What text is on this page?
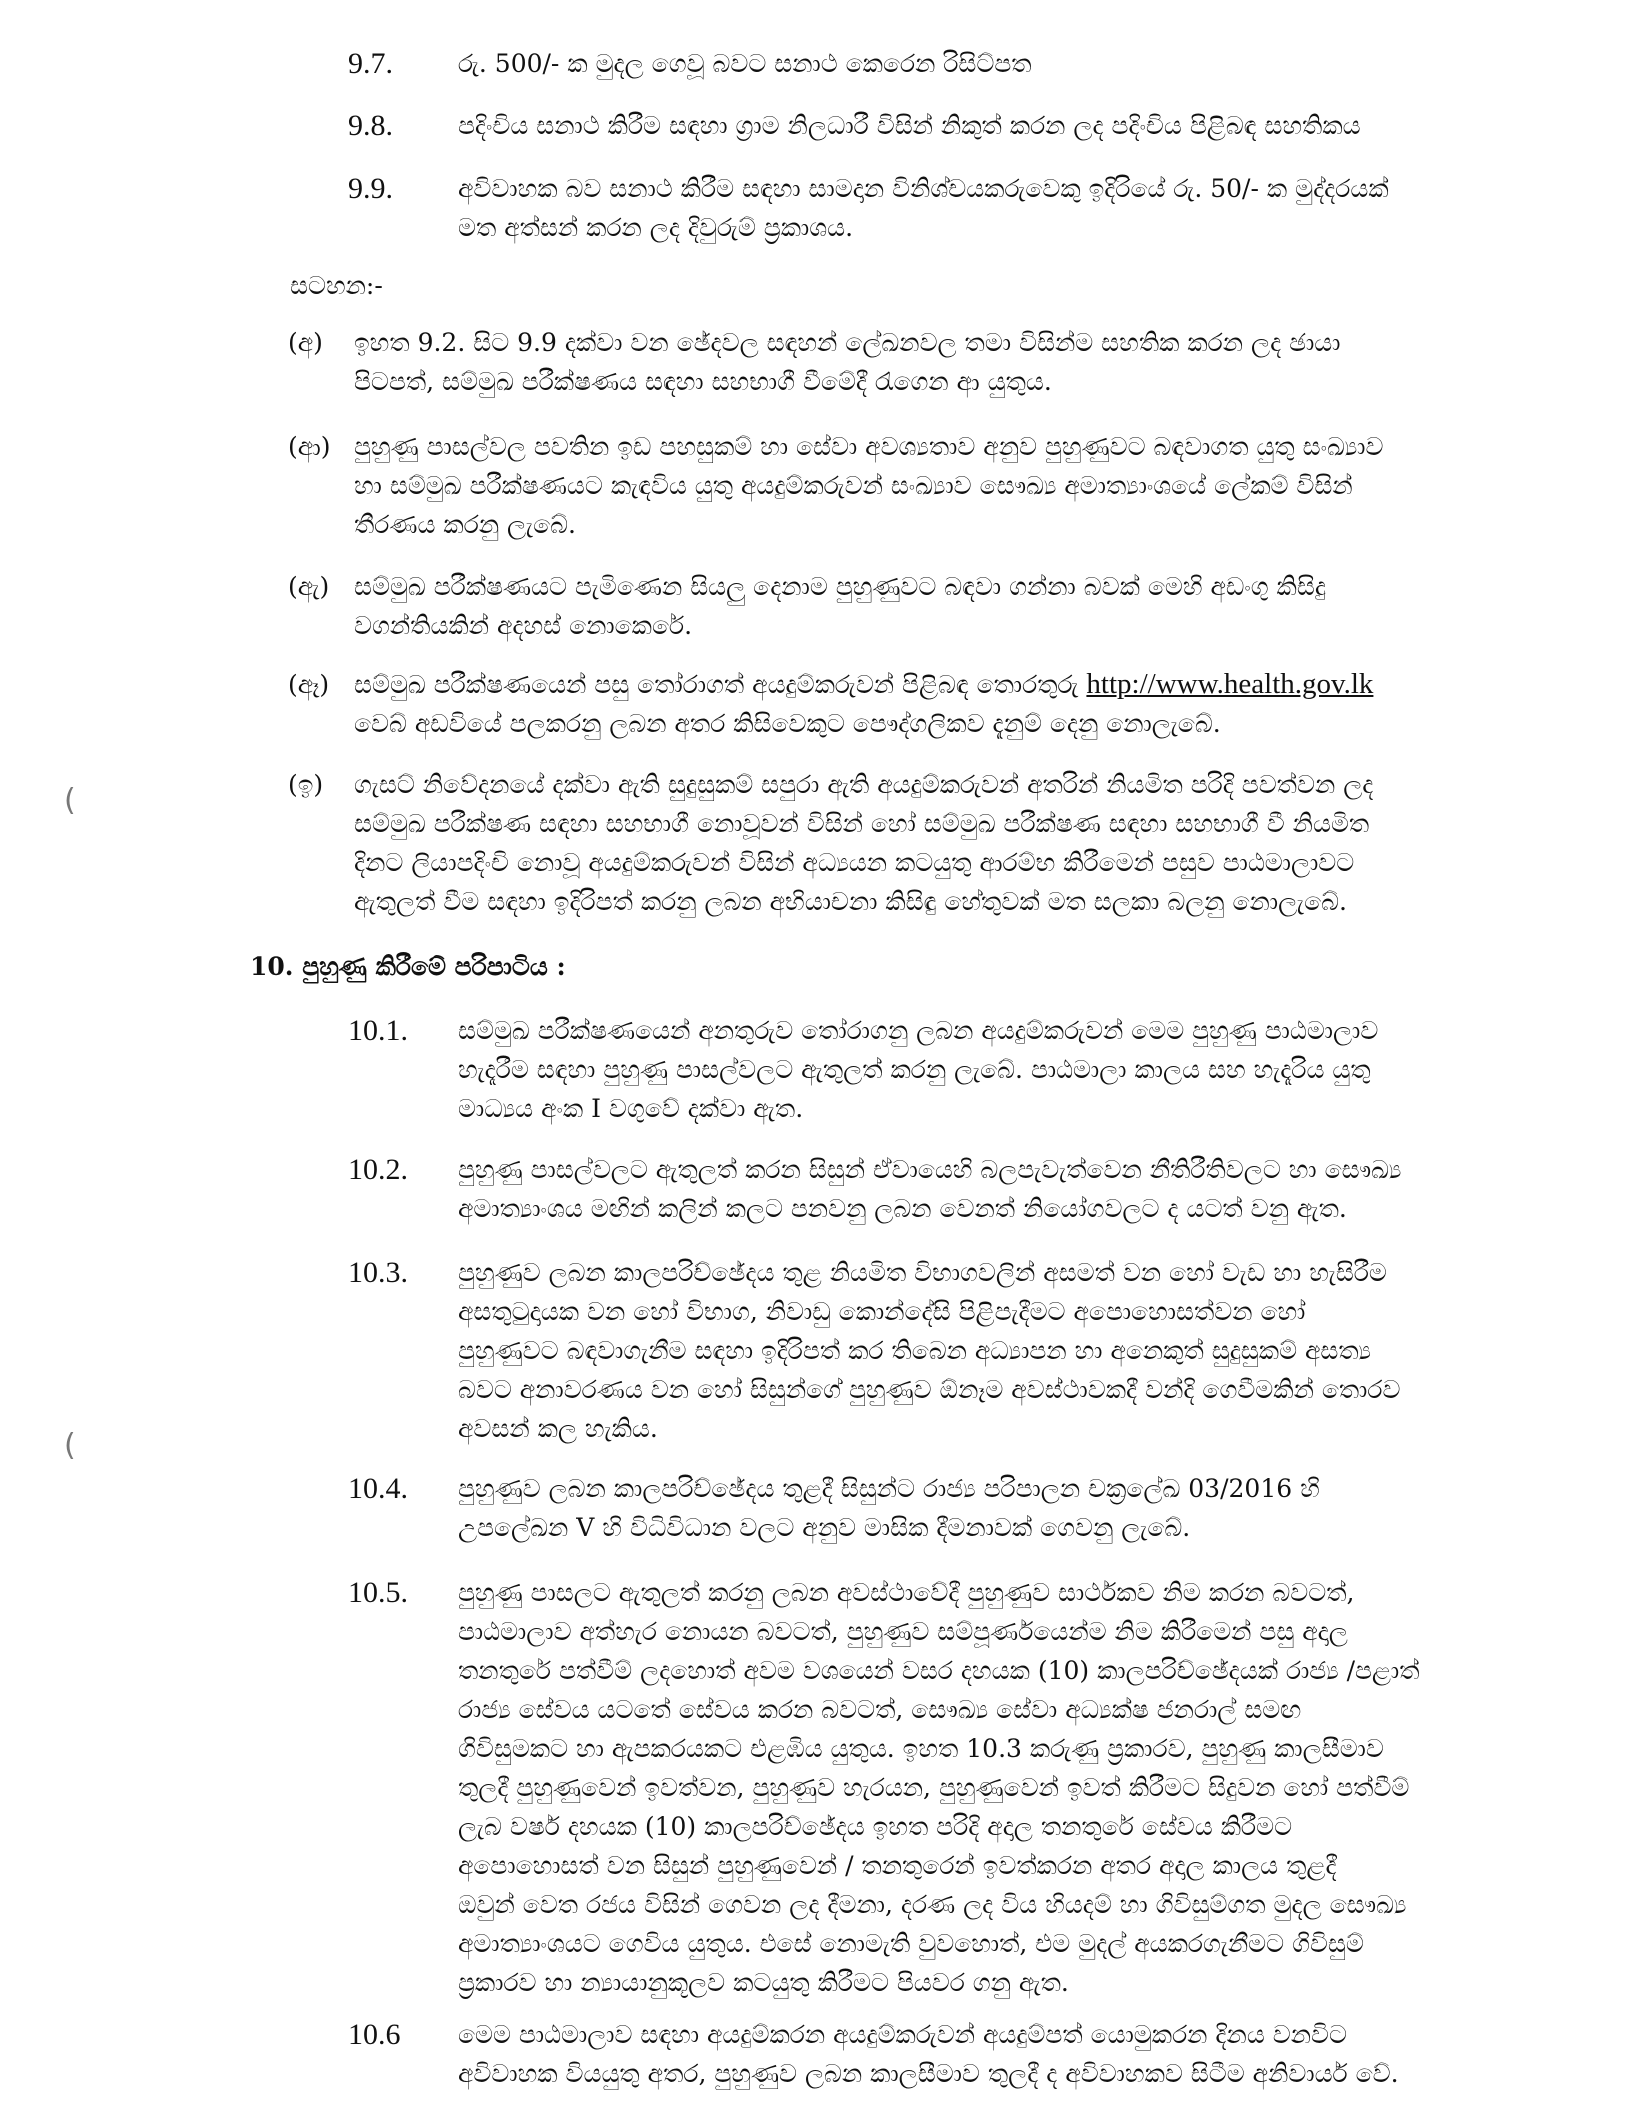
(
(
9.7.	රු. 500/- ක මුදල ගෙවූ බවට සනාථ කෙරෙන රිසිට්පත

9.8.	පදිංචිය සනාථ කිරීම සඳහා ග්‍රාම නිලධාරී විසින් නිකුත් කරන ලද පදිංචිය පිළිබඳ සහතිකය

9.9.	අවිවාහක බව සනාථ කිරීම සඳහා සාමදාන විනිශ්චයකරුවෙකු ඉදිරියේ රු. 50/- ක මුද්දරයක්

මත අත්සන් කරන ලද දිවුරුම් ප්‍රකාශය.

සටහන:-
(අ) ඉහත 9.2. සිට 9.9 දක්වා වන ඡේදවල සඳහන් ලේඛනවල තමා විසින්ම සහතික කරන ලද ඡායා

පිටපත්, සම්මුඛ පරීක්ෂණය සඳහා සහභාගී වීමේදී රැගෙන ආ යුතුය.

(ආ) පුහුණු පාසල්වල පවතින ඉඩ පහසුකම් හා සේවා අවශ්‍යතාව අනුව පුහුණුවට බඳවාගත යුතු සංඛ්‍යාව

හා සම්මුඛ පරීක්ෂණයට කැඳවිය යුතු අයදුම්කරුවන් සංඛ්‍යාව සෞඛ්‍ය අමාත්‍යාංශයේ ලේකම් විසින්

තීරණය කරනු ලැබේ.

(ඇ) සම්මුඛ පරීක්ෂණයට පැමිණෙන සියලු දෙනාම පුහුණුවට බඳවා ගන්නා බවක් මෙහි අඩංගු කිසිදු

වගන්තියකින් අදහස් නොකෙරේ.

(ඈ) සම්මුඛ පරීක්ෂණයෙන් පසු තෝරාගත් අයදුම්කරුවන් පිළිබඳ තොරතුරු http://www.health.gov.lk

වෙබ් අඩවියේ පලකරනු ලබන අතර කිසිවෙකුට පෞද්ගලිකව දැනුම් දෙනු නොලැබේ.

(ඉ) ගැසට් නිවේදනයේ දක්වා ඇති සුදුසුකම් සපුරා ඇති අයදුම්කරුවන් අතරින් නියමිත පරිදි පවත්වන ලද

සම්මුඛ පරීක්ෂණ සඳහා සහභාගී නොවූවන් විසින් හෝ සම්මුඛ පරීක්ෂණ සඳහා සහභාගී වී නියමිත

දිනට ලියාපදිංචි නොවූ අයදුම්කරුවන් විසින් අධ්‍යයන කටයුතු ආරම්භ කිරීමෙන් පසුව පාඨමාලාවට

ඇතුලත් වීම සඳහා ඉදිරිපත් කරනු ලබන අභියාචනා කිසිඳු හේතුවක් මත සලකා බලනු නොලැබේ.

10. පුහුණු කිරීමේ පරිපාටිය :
10.1. සම්මුඛ පරීක්ෂණයෙන් අනතුරුව තෝරාගනු ලබන අයදුම්කරුවන් මෙම පුහුණු පාඨමාලාව

හැදෑරීම සඳහා පුහුණු පාසල්වලට ඇතුලත් කරනු ලැබේ. පාඨමාලා කාලය සහ හැදෑරිය යුතු

මාධ්‍යය අංක I වගුවේ දක්වා ඇත.

10.2. පුහුණු පාසල්වලට ඇතුලත් කරන සිසුන් ඒවායෙහි බලපැවැත්වෙන නීතිරීතිවලට හා සෞඛ්‍ය

අමාත්‍යාංශය මඟින් කලින් කලට පනවනු ලබන වෙනත් නියෝගවලට ද යටත් වනු ඇත.

10.3. පුහුණුව ලබන කාලපරිච්ඡේදය තුළ නියමිත විභාගවලින් අසමත් වන හෝ වැඩ හා හැසිරීම

අසතුටුදායක වන හෝ විභාග, නිවාඩු කොන්දේසි පිළිපැදීමට අපොහොසත්වන හෝ

පුහුණුවට බඳවාගැනීම සඳහා ඉදිරිපත් කර තිබෙන අධ්‍යාපන හා අනෙකුත් සුදුසුකම් අසත්‍ය

බවට අනාවරණය වන හෝ සිසුන්ගේ පුහුණුව ඕනෑම අවස්ථාවකදී වන්දි ගෙවීමකින් තොරව

අවසන් කල හැකිය.

10.4. පුහුණුව ලබන කාලපරිච්ඡේදය තුළදී සිසුන්ට රාජ්‍ය පරිපාලන චක්‍රලේඛ 03/2016 හි

උපලේඛන V හි විධිවිධාන වලට අනුව මාසික දීමනාවක් ගෙවනු ලැබේ.

10.5. පුහුණු පාසලට ඇතුලත් කරනු ලබන අවස්ථාවේදී පුහුණුව සාර්ථකව නිම කරන බවටත්,

පාඨමාලාව අත්හැර නොයන බවටත්, පුහුණුව සම්පූර්ණයෙන්ම නිම කිරීමෙන් පසු අදාල

තනතුරේ පත්වීම් ලදහොත් අවම වශයෙන් වසර දහයක (10) කාලපරිච්ඡේදයක් රාජ්‍ය /පළාත්

රාජ්‍ය සේවය යටතේ සේවය කරන බවටත්, සෞඛ්‍ය සේවා අධ්‍යක්ෂ ජනරාල් සමඟ

ගිවිසුමකට හා ඇපකරයකට එළඹිය යුතුය. ඉහත 10.3 කරුණු ප්‍රකාරව, පුහුණු කාලසීමාව

තුලදී පුහුණුවෙන් ඉවත්වන, පුහුණුව හැරයන, පුහුණුවෙන් ඉවත් කිරීමට සිදුවන හෝ පත්වීම්

ලැබ වර්ෂ දහයක (10) කාලපරිච්ඡේදය ඉහත පරිදි අදාල තනතුරේ සේවය කිරීමට

අපොහොසත් වන සිසුන් පුහුණුවෙන් / තනතුරෙන් ඉවත්කරන අතර අදාල කාලය තුළදී

ඔවුන් වෙත රජය විසින් ගෙවන ලද දීමනා, දරණ ලද විය හියදම් හා ගිවිසුම්ගත මුදල සෞඛ්‍ය

අමාත්‍යාංශයට ගෙවිය යුතුය. එසේ නොමැති වුවහොත්, එම මුදල් අයකරගැනීමට ගිවිසුම්

ප්‍රකාරව හා න්‍යායානුකූලව කටයුතු කිරීමට පියවර ගනු ඇත.

10.6 මෙම පාඨමාලාව සඳහා අයදුම්කරන අයදුම්කරුවන් අයදුම්පත් යොමුකරන දිනය වනවිට

අවිවාහක වියයුතු අතර, පුහුණුව ලබන කාලසීමාව තුලදී ද අවිවාහකව සිටීම අනිවාර්ය වේ.
